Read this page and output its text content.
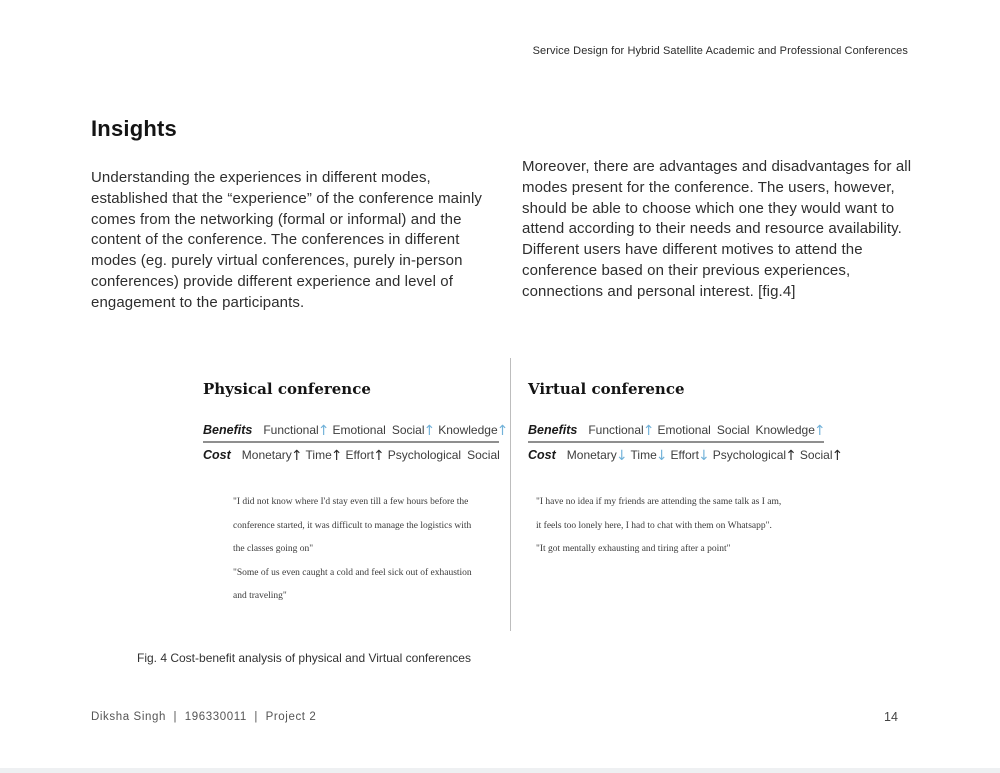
Service Design for Hybrid Satellite Academic and Professional Conferences
Insights

Understanding the experiences in different modes, established that the “experience” of the conference mainly comes from the networking (formal or informal) and the content of the conference. The conferences in different modes (eg. purely virtual conferences, purely in-person conferences) provide different experience and level of engagement to the participants.

Moreover, there are advantages and disadvantages for all modes present for the conference. The users, however, should be able to choose which one they would want to attend according to their needs and resource availability. Different users have different motives to attend the conference based on their previous experiences, connections and personal interest. [fig.4]

Physical conference
Benefits Functional ↑ Emotional Social ↑ Knowledge ↑
Cost Monetary ↑ Time ↑ Effort ↑ Psychological Social
"I did not know where I'd stay even till a few hours before the
conference started, it was difficult to manage the logistics with
the classes going on"
"Some of us even caught a cold and feel sick out of exhaustion
and traveling"
Virtual conference
Benefits Functional ↑ Emotional Social Knowledge ↑
Cost Monetary ↓ Time ↓ Effort ↓ Psychological ↑ Social ↑
"I have no idea if my friends are attending the same talk as I am,
it feels too lonely here, I had to chat with them on Whatsapp".
"It got mentally exhausting and tiring after a point"
Fig. 4 Cost-benefit analysis of physical and Virtual conferences
Diksha Singh  |  196330011  |  Project 2	14
